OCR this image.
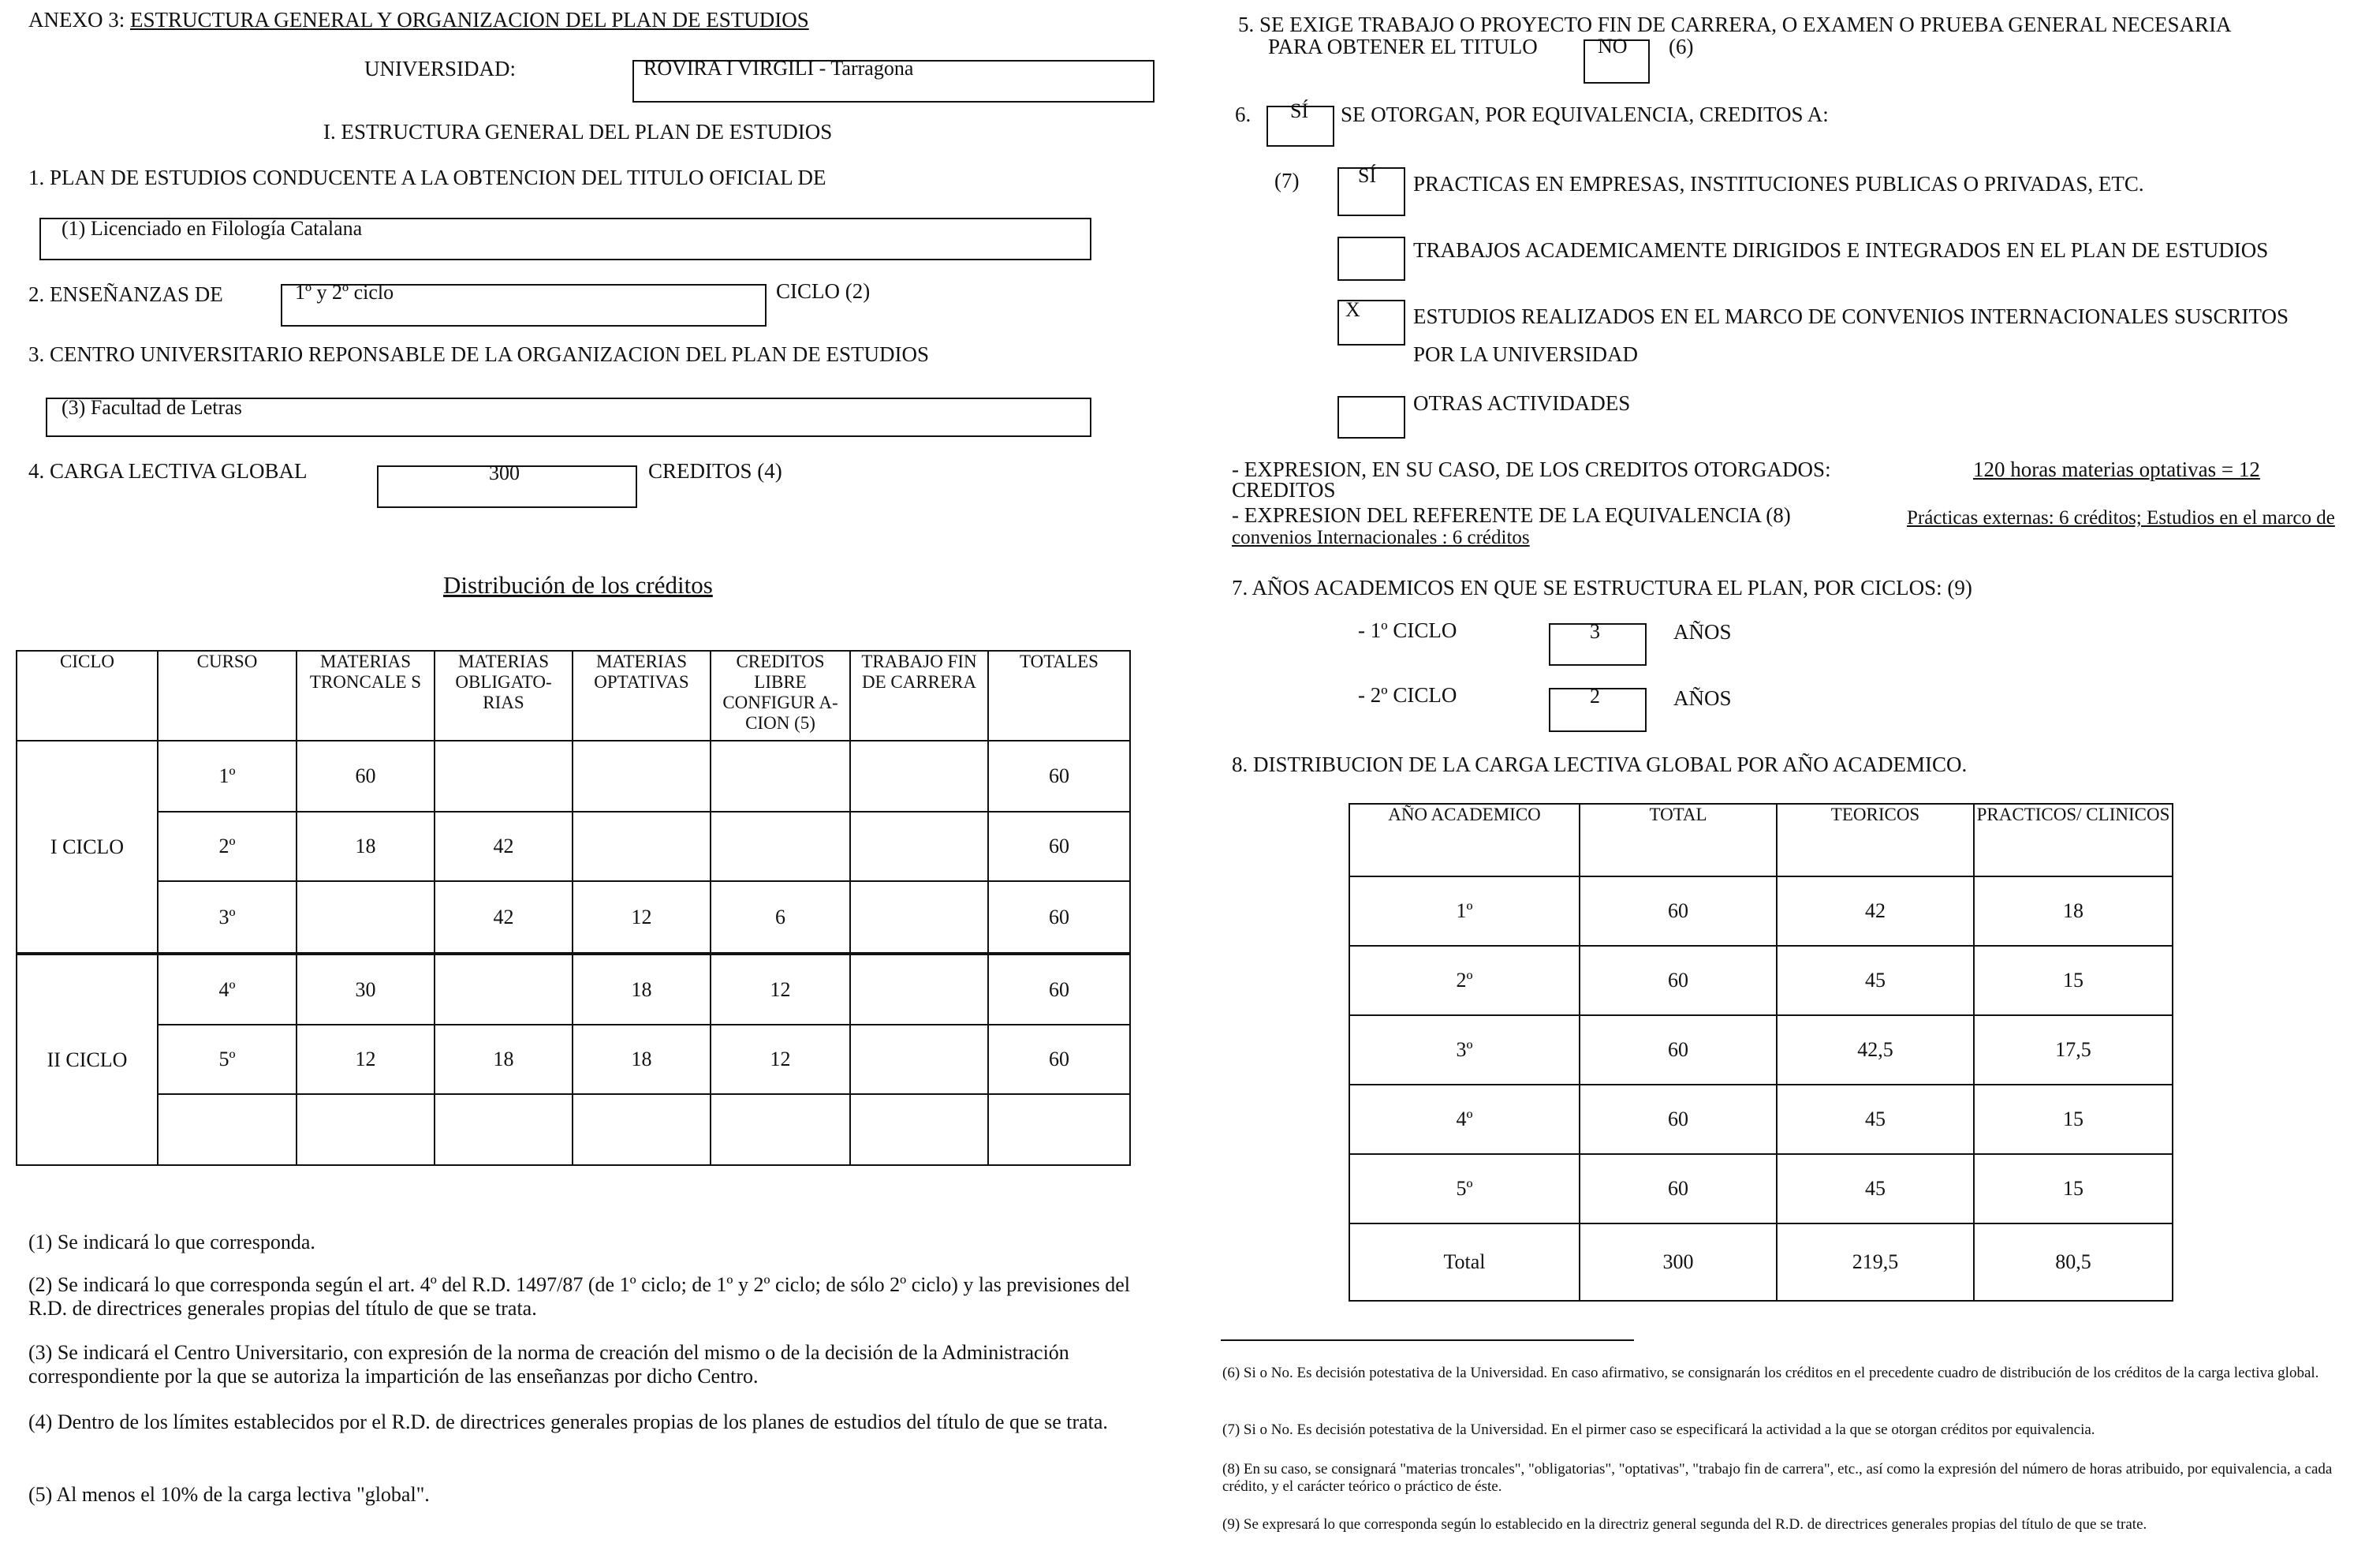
ANEXO 3: ESTRUCTURA GENERAL Y ORGANIZACION DEL PLAN DE ESTUDIOS
UNIVERSIDAD:	ROVIRA I VIRGILI - Tarragona
I. ESTRUCTURA GENERAL DEL PLAN DE ESTUDIOS
1. PLAN DE ESTUDIOS CONDUCENTE A LA OBTENCION DEL TITULO OFICIAL DE
(1) Licenciado en Filología Catalana
2. ENSEÑANZAS DE	1º y 2º ciclo	CICLO (2)
3. CENTRO UNIVERSITARIO REPONSABLE DE LA ORGANIZACION DEL PLAN DE ESTUDIOS
(3) Facultad de Letras
4. CARGA LECTIVA GLOBAL	300	CREDITOS (4)
Distribución de los créditos
CICLO	CURSO	MATERIAS TRONCALE S	MATERIAS OBLIGATO- RIAS	MATERIAS OPTATIVAS	CREDITOS LIBRE CONFIGUR A-CION (5)	TRABAJO FIN DE CARRERA	TOTALES
I CICLO	1º	60					60
	2º	18	42				60
	3º		42	12	6		60
II CICLO	4º	30		18	12		60
	5º	12	18	18	12		60

(1) Se indicará lo que corresponda.
(2) Se indicará lo que corresponda según el art. 4º del R.D. 1497/87 (de 1º ciclo; de 1º y 2º ciclo; de sólo 2º ciclo) y las previsiones del R.D. de directrices generales propias del título de que se trata.
(3) Se indicará el Centro Universitario, con expresión de la norma de creación del mismo o de la decisión de la Administración correspondiente por la que se autoriza la impartición de las enseñanzas por dicho Centro.
(4) Dentro de los límites establecidos por el R.D. de directrices generales propias de los planes de estudios del título de que se trata.
(5) Al menos el 10% de la carga lectiva "global".
5. SE EXIGE TRABAJO O PROYECTO FIN DE CARRERA, O EXAMEN O PRUEBA GENERAL NECESARIA
PARA OBTENER EL TITULO	NO (6)
6. SÍ SE OTORGAN, POR EQUIVALENCIA, CREDITOS A:
(7)	SÍ PRACTICAS EN EMPRESAS, INSTITUCIONES PUBLICAS O PRIVADAS, ETC.
TRABAJOS ACADEMICAMENTE DIRIGIDOS E INTEGRADOS EN EL PLAN DE ESTUDIOS
X ESTUDIOS REALIZADOS EN EL MARCO DE CONVENIOS INTERNACIONALES SUSCRITOS
POR LA UNIVERSIDAD
OTRAS ACTIVIDADES
- EXPRESION, EN SU CASO, DE LOS CREDITOS OTORGADOS:	120 horas materias optativas = 12
CREDITOS
- EXPRESION DEL REFERENTE DE LA EQUIVALENCIA (8)	Prácticas externas: 6 créditos; Estudios en el marco de
convenios Internacionales : 6 créditos
7. AÑOS ACADEMICOS EN QUE SE ESTRUCTURA EL PLAN, POR CICLOS: (9)
- 1º CICLO	3	AÑOS
- 2º CICLO	2	AÑOS
8. DISTRIBUCION DE LA CARGA LECTIVA GLOBAL POR AÑO ACADEMICO.
AÑO ACADEMICO	TOTAL	TEORICOS	PRACTICOS/ CLINICOS
1º	60	42	18
2º	60	45	15
3º	60	42,5	17,5
4º	60	45	15
5º	60	45	15
Total	300	219,5	80,5
(6) Si o No. Es decisión potestativa de la Universidad. En caso afirmativo, se consignarán los créditos en el precedente cuadro de distribución de los créditos de la carga lectiva global.
(7) Si o No. Es decisión potestativa de la Universidad. En el pirmer caso se especificará la actividad a la que se otorgan créditos por equivalencia.
(8) En su caso, se consignará "materias troncales", "obligatorias", "optativas", "trabajo fin de carrera", etc., así como la expresión del número de horas atribuido, por equivalencia, a cada crédito, y el carácter teórico o práctico de éste.
(9) Se expresará lo que corresponda según lo establecido en la directriz general segunda del R.D. de directrices generales propias del título de que se trate.
